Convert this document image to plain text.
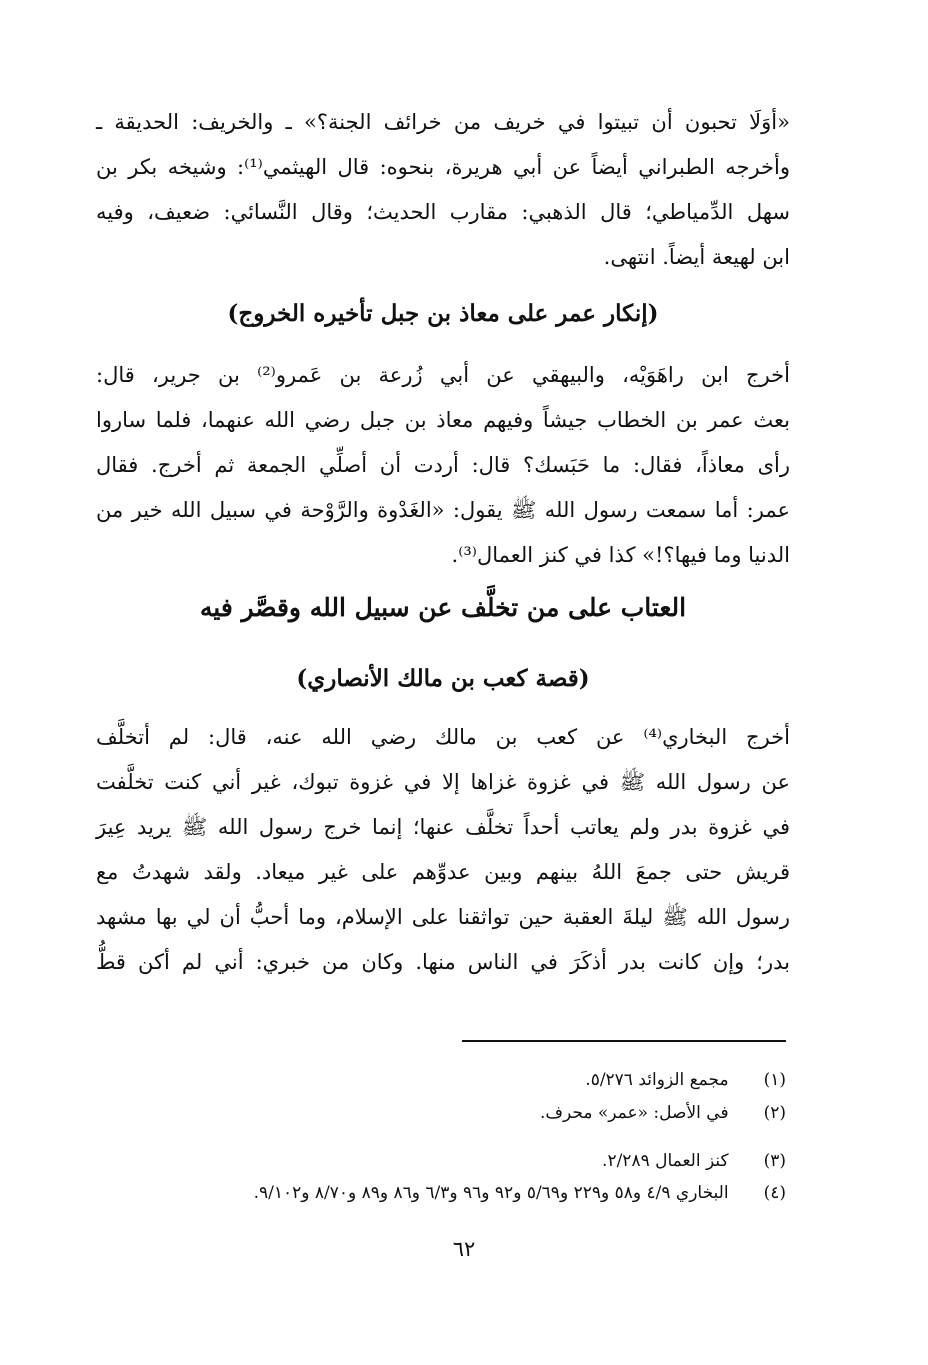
«أوَلَا تحبون أن تبيتوا في خريف من خرائف الجنة؟» ـ والخريف: الحديقة ـ
وأخرجه الطبراني أيضاً عن أبي هريرة، بنحوه: قال الهيثمي⁽¹⁾: وشيخه بكر بن
سهل الدِّمياطي؛ قال الذهبي: مقارب الحديث؛ وقال النَّسائي: ضعيف، وفيه
ابن لهيعة أيضاً. انتهى.
(إنكار عمر على معاذ بن جبل تأخيره الخروج)
أخرج ابن راهَوَيْه، والبيهقي عن أبي زُرعة بن عَمرو⁽²⁾ بن جرير، قال:
بعث عمر بن الخطاب جيشاً وفيهم معاذ بن جبل رضي الله عنهما، فلما ساروا
رأى معاذاً، فقال: ما حَبَسك؟ قال: أردت أن أصلِّي الجمعة ثم أخرج. فقال
عمر: أما سمعت رسول الله ﷺ يقول: «الغَدْوة والرَّوْحة في سبيل الله خير من
الدنيا وما فيها؟!» كذا في كنز العمال⁽³⁾.
العتاب على من تخلَّف عن سبيل الله وقصَّر فيه
(قصة كعب بن مالك الأنصاري)
أخرج البخاري⁽⁴⁾ عن كعب بن مالك رضي الله عنه، قال: لم أتخلَّف
عن رسول الله ﷺ في غزوة غزاها إلا في غزوة تبوك، غير أني كنت تخلَّفت
في غزوة بدر ولم يعاتب أحداً تخلَّف عنها؛ إنما خرج رسول الله ﷺ يريد عِيرَ
قريش حتى جمعَ اللهُ بينهم وبين عدوِّهم على غير ميعاد. ولقد شهدتُ مع
رسول الله ﷺ ليلةَ العقبة حين تواثقنا على الإسلام، وما أحبُّ أن لي بها مشهد
بدر؛ وإن كانت بدر أذكَرَ في الناس منها. وكان من خبري: أني لم أكن قطُّ
(١) مجمع الزوائد ٥/٢٧٦.
(٢) في الأصل: «عمر» محرف.
(٣) كنز العمال ٢/٢٨٩.
(٤) البخاري ٤/٩ و٥٨ و٢٢٩ و٥/٦٩ و٩٢ و٩٦ و٦/٣ و٨٦ و٨٩ و٨/٧٠ و٩/١٠٢.
٦٢
